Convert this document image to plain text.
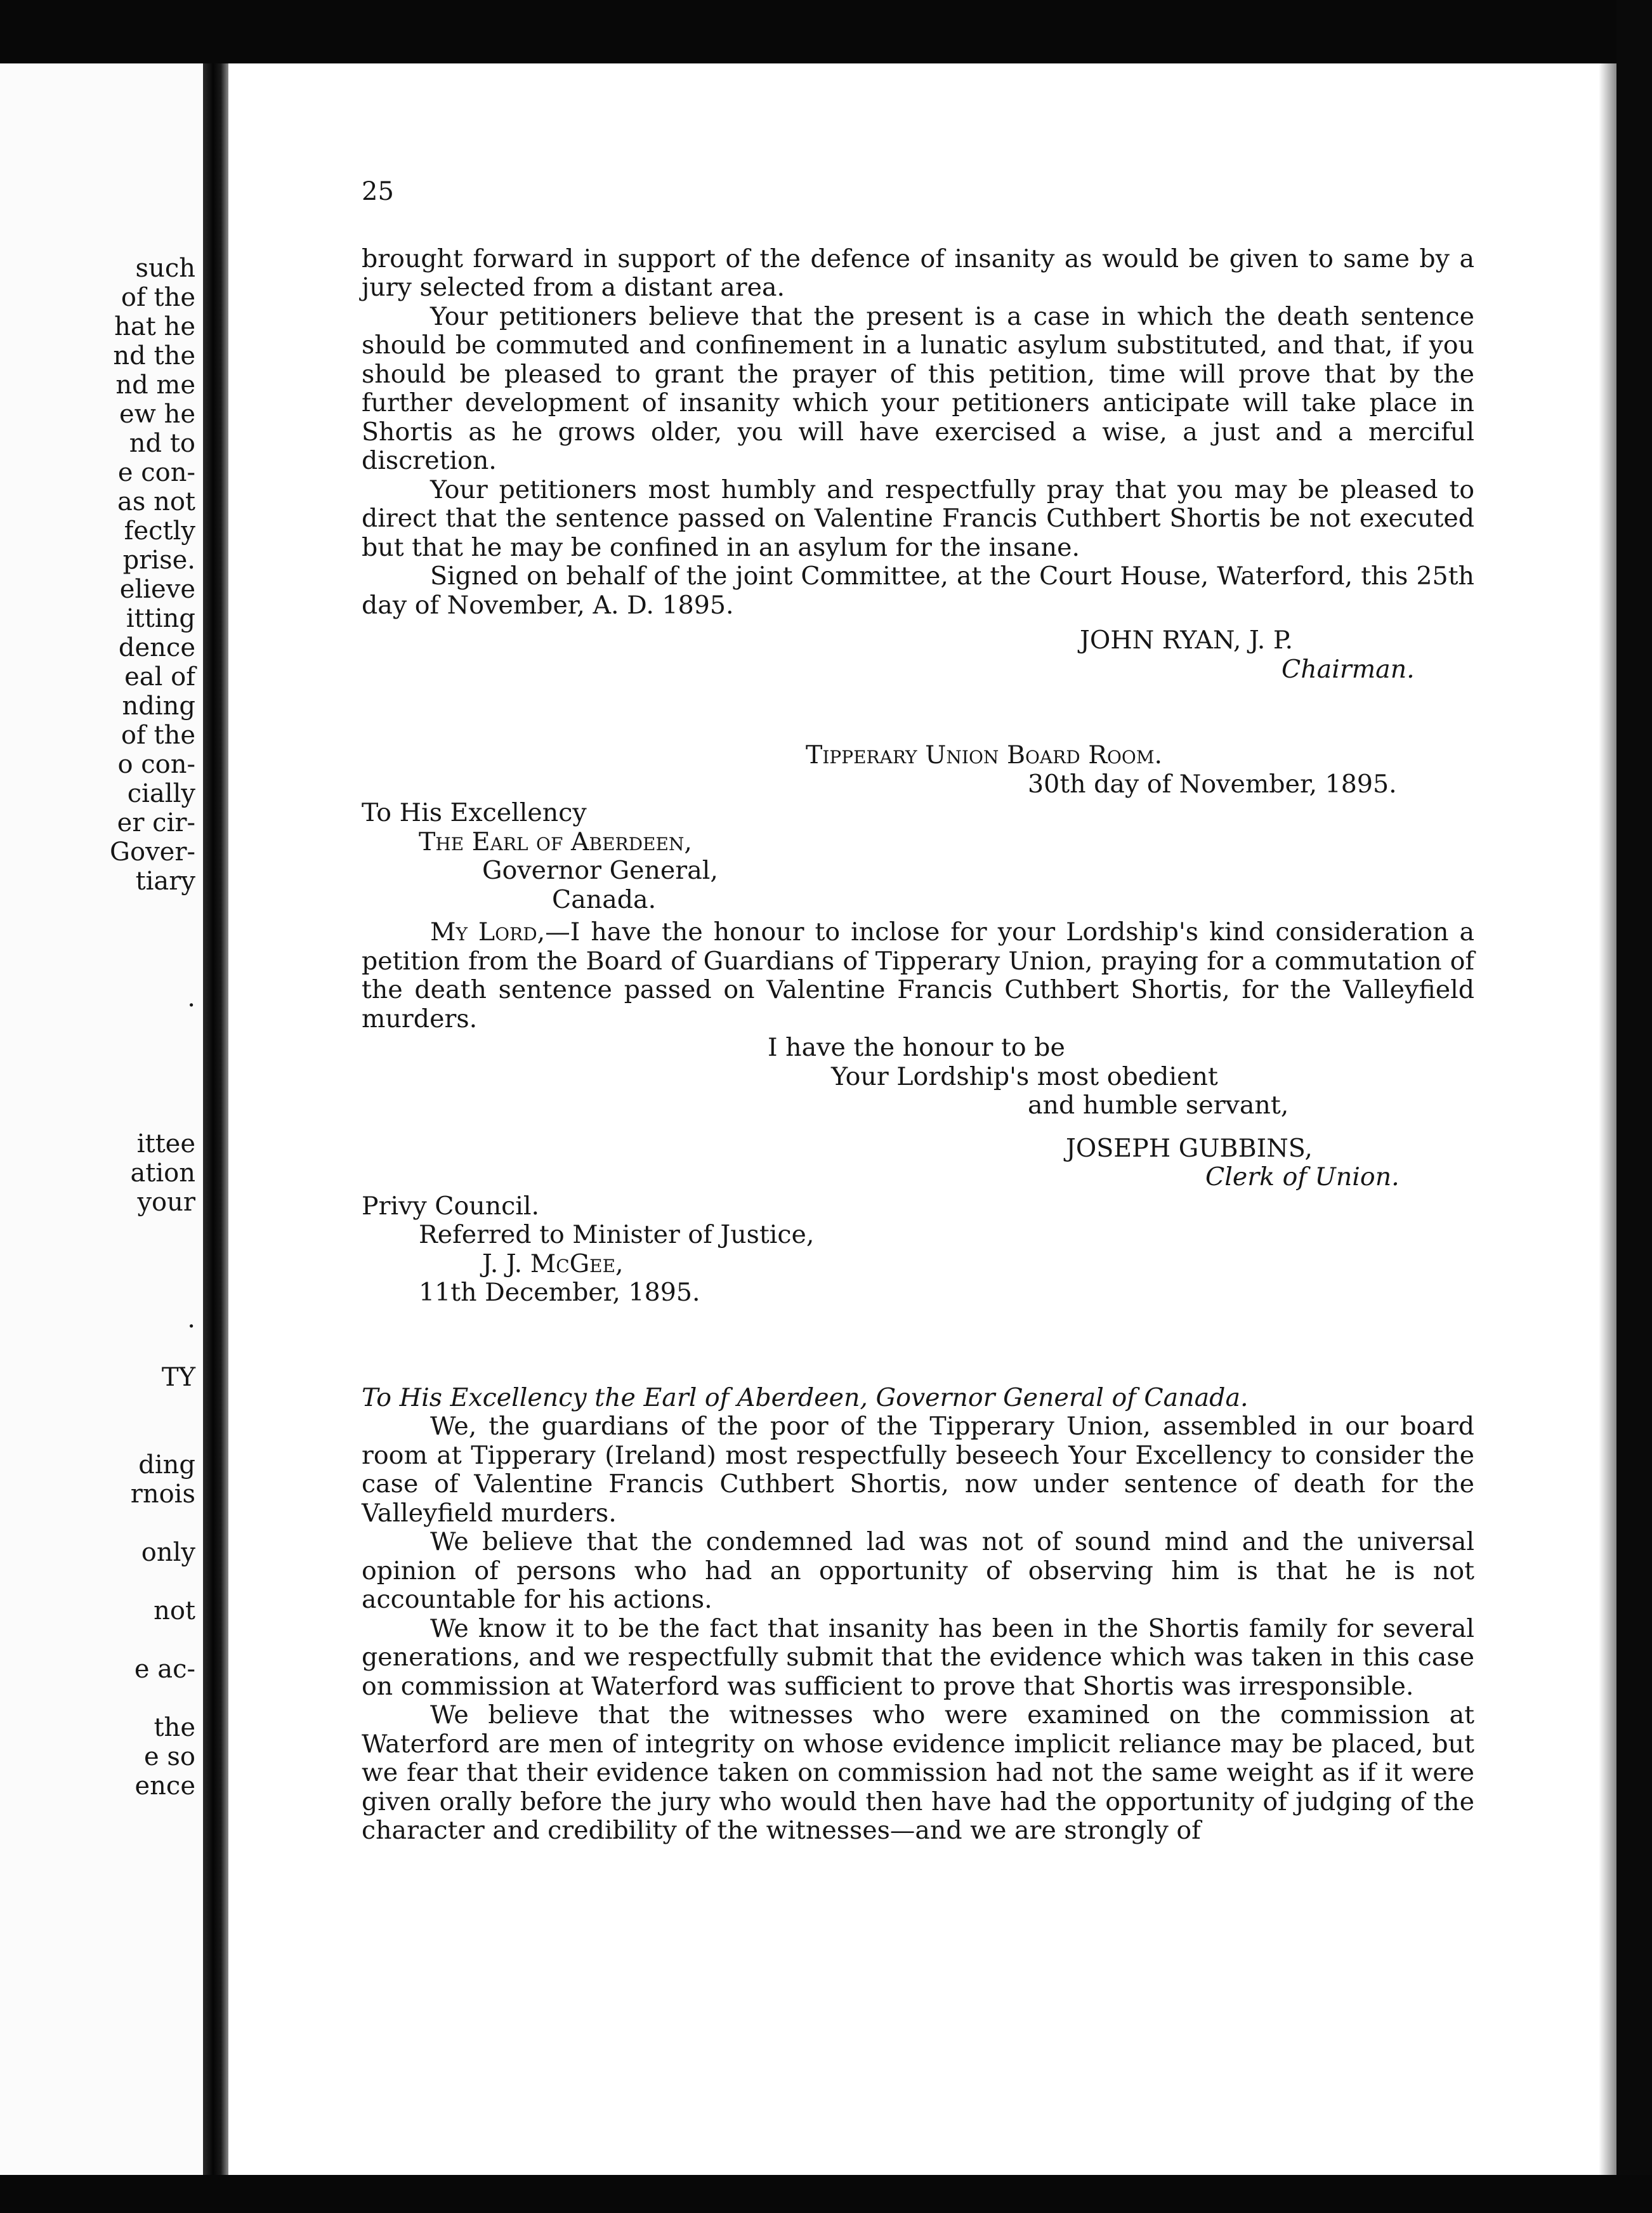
such
of the
hat he
nd the
nd me
ew he
nd to
e con-
as not
fectly
prise.
elieve
itting
dence
eal of
nding
of the
o con-
cially
er cir-
Gover-
tiary
.
ittee
ation
your
.
TY
ding
rnois
only
not
e ac-
the
e so
ence

25

brought forward in support of the defence of insanity as would be given to same by a jury selected from a distant area.

Your petitioners believe that the present is a case in which the death sentence should be commuted and confinement in a lunatic asylum substituted, and that, if you should be pleased to grant the prayer of this petition, time will prove that by the further development of insanity which your petitioners anticipate will take place in Shortis as he grows older, you will have exercised a wise, a just and a merciful discretion.

Your petitioners most humbly and respectfully pray that you may be pleased to direct that the sentence passed on Valentine Francis Cuthbert Shortis be not executed but that he may be confined in an asylum for the insane.

Signed on behalf of the joint Committee, at the Court House, Waterford, this 25th day of November, A. D. 1895.

JOHN RYAN, J. P.

Chairman.

Tipperary Union Board Room.

30th day of November, 1895.

To His Excellency

The Earl of Aberdeen,

Governor General,

Canada.

My Lord,—I have the honour to inclose for your Lordship's kind consideration a petition from the Board of Guardians of Tipperary Union, praying for a commutation of the death sentence passed on Valentine Francis Cuthbert Shortis, for the Valleyfield murders.

I have the honour to be

Your Lordship's most obedient

and humble servant,

JOSEPH GUBBINS,

Clerk of Union.

Privy Council.

Referred to Minister of Justice,

J. J. McGee,

11th December, 1895.

To His Excellency the Earl of Aberdeen, Governor General of Canada.

We, the guardians of the poor of the Tipperary Union, assembled in our board room at Tipperary (Ireland) most respectfully beseech Your Excellency to consider the case of Valentine Francis Cuthbert Shortis, now under sentence of death for the Valleyfield murders.

We believe that the condemned lad was not of sound mind and the universal opinion of persons who had an opportunity of observing him is that he is not accountable for his actions.

We know it to be the fact that insanity has been in the Shortis family for several generations, and we respectfully submit that the evidence which was taken in this case on commission at Waterford was sufficient to prove that Shortis was irresponsible.

We believe that the witnesses who were examined on the commission at Waterford are men of integrity on whose evidence implicit reliance may be placed, but we fear that their evidence taken on commission had not the same weight as if it were given orally before the jury who would then have had the opportunity of judging of the character and credibility of the witnesses—and we are strongly of
